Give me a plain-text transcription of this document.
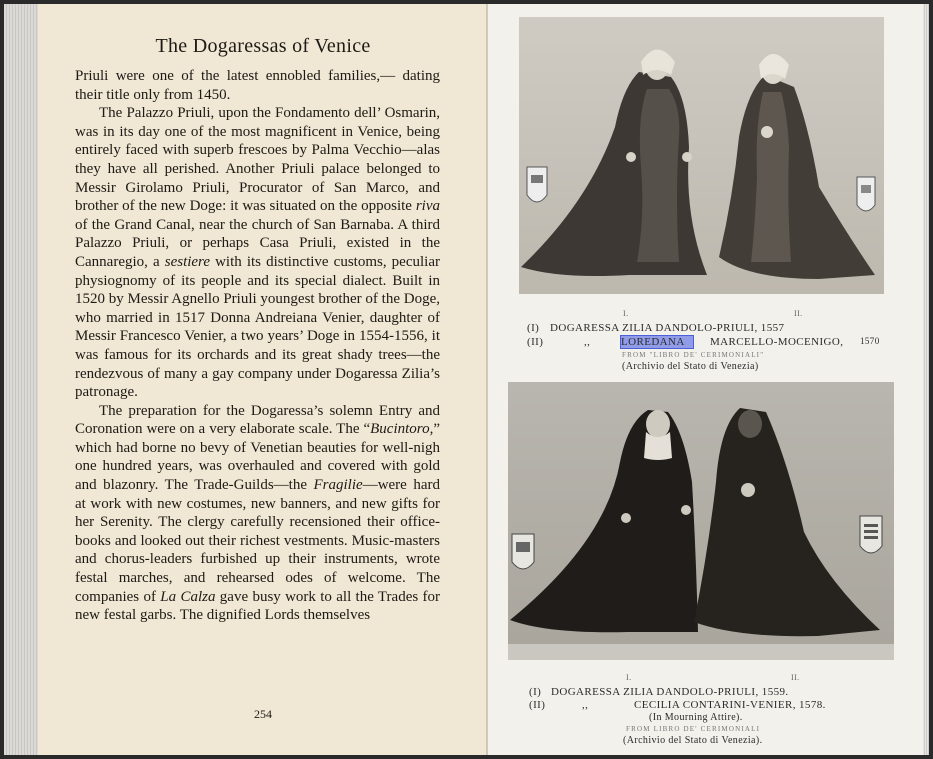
The Dogaressas of Venice

Priuli were one of the latest ennobled families,— dating their title only from 1450.

The Palazzo Priuli, upon the Fondamento dell’ Osmarin, was in its day one of the most magnificent in Venice, being entirely faced with superb frescoes by Palma Vecchio—alas they have all perished. Another Priuli palace belonged to Messir Girolamo Priuli, Procurator of San Marco, and brother of the new Doge: it was situated on the opposite riva of the Grand Canal, near the church of San Barnaba. A third Palazzo Priuli, or perhaps Casa Priuli, existed in the Cannaregio, a sestiere with its distinctive customs, peculiar physiognomy of its people and its special dialect. Built in 1520 by Messir Agnello Priuli youngest brother of the Doge, who married in 1517 Donna Andreiana Venier, daughter of Messir Francesco Venier, a two years’ Doge in 1554-1556, it was famous for its orchards and its great shady trees—the rendezvous of many a gay company under Dogaressa Zilia’s patronage.

The preparation for the Dogaressa’s solemn Entry and Coronation were on a very elaborate scale. The “Bucintoro,” which had borne no bevy of Venetian beauties for well-nigh one hundred years, was overhauled and covered with gold and blazonry. The Trade-Guilds—the Fragilie—were hard at work with new costumes, new banners, and new gifts for her Serenity. The clergy carefully recensioned their office-books and looked out their richest vestments. Music-masters and chorus-leaders furbished up their instruments, wrote festal marches, and rehearsed odes of welcome. The companies of La Calza gave busy work to all the Trades for new festal garbs. The dignified Lords themselves

254
I.	II.
(I) DOGARESSA ZILIA DANDOLO-PRIULI, 1557
(II)	,,	LOREDANA	MARCELLO-MOCENIGO, 1570
FROM "LIBRO DE' CERIMONIALI"
(Archivio del Stato di Venezia)
I.	II.
(I) DOGARESSA ZILIA DANDOLO-PRIULI, 1559.
(II)	,,	CECILIA CONTARINI-VENIER, 1578.
(In Mourning Attire).
FROM LIBRO DE' CERIMONIALI
(Archivio del Stato di Venezia).
